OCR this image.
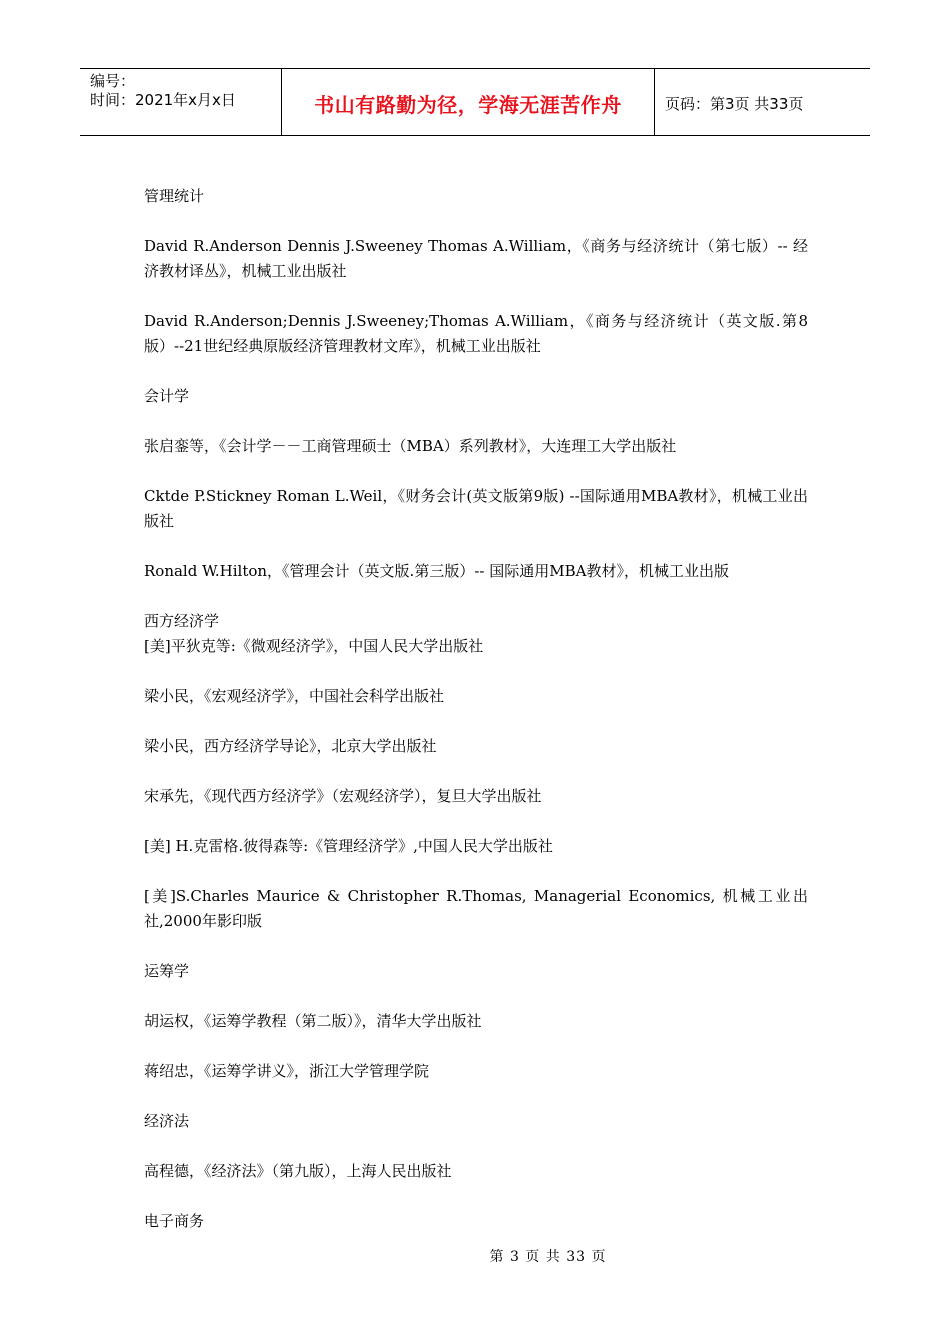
编号：
时间：2021年x月x日	书山有路勤为径，学海无涯苦作舟	页码：第3页 共33页

管理统计

David R.Anderson Dennis J.Sweeney Thomas A.William，《商务与经济统计（第七版）-- 经济教材译丛》，机械工业出版社

David R.Anderson;Dennis J.Sweeney;Thomas A.William，《商务与经济统计（英文版.第8版）--21世纪经典原版经济管理教材文库》，机械工业出版社

会计学

张启銮等，《会计学－－工商管理硕士（MBA）系列教材》，大连理工大学出版社

Cktde P.Stickney Roman L.Weil，《财务会计(英文版第9版) --国际通用MBA教材》，机械工业出版社

Ronald W.Hilton，《管理会计（英文版.第三版）-- 国际通用MBA教材》，机械工业出版

西方经济学

[美]平狄克等:《微观经济学》，中国人民大学出版社

梁小民，《宏观经济学》，中国社会科学出版社

梁小民，西方经济学导论》，北京大学出版社

宋承先，《现代西方经济学》（宏观经济学），复旦大学出版社

[美] H.克雷格.彼得森等:《管理经济学》,中国人民大学出版社

[美]S.Charles Maurice & Christopher R.Thomas, Managerial Economics, 机械工业出社,2000年影印版

运筹学

胡运权，《运筹学教程（第二版）》，清华大学出版社

蒋绍忠，《运筹学讲义》，浙江大学管理学院

经济法

高程德，《经济法》（第九版），上海人民出版社

电子商务

第 3 页 共 33 页
